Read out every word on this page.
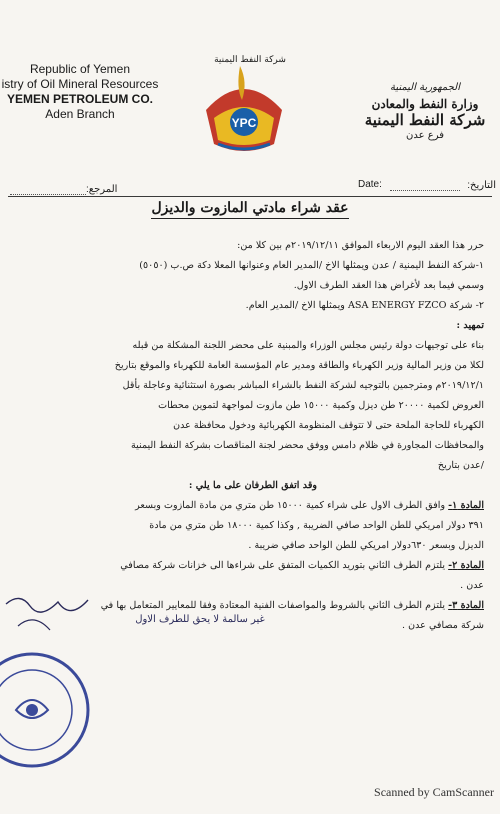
Republic of Yemen
istry of Oil Mineral Resources
YEMEN PETROLEUM CO.
Aden Branch
شركة النفط اليمنية
YPC
الجمهورية اليمنية
وزارة النفط والمعادن
شركة النفط اليمنية
فرع عدن
المرجع:	Date:	التاريخ:
عقد شراء مادتي المازوت والديزل

حرر هذا العقد اليوم الاربعاء الموافق ٢٠١٩/١٢/١١م بين كلا من:

١-شركة النفط اليمنية / عدن ويمثلها الاخ /المدير العام وعنوانها المعلا دكة ص.ب (٥٠٥٠)

وسمي فيما بعد لأغراض هذا العقد الطرف الاول.

٢- شركة ASA ENERGY FZCO ويمثلها الاخ /المدير العام.

تمهيد :

بناء على توجيهات دولة رئيس مجلس الوزراء والمبنية على محضر اللجنة المشكلة من قبله

لكلا من وزير المالية وزير الكهرباء والطاقة ومدير عام المؤسسة العامة للكهرباء والموقع بتاريخ

٢٠١٩/١٢/١م ومترجمين بالتوجيه لشركة النفط بالشراء المباشر بصورة استثنائية وعاجلة بأقل

العروض لكمية ٢٠٠٠٠ طن ديزل وكمية ١٥٠٠٠ طن مازوت لمواجهة لتموين محطات

الكهرباء للحاجة الملحة حتى لا تتوقف المنظومة الكهربائية ودخول محافظة عدن

والمحافظات المجاورة في ظلام دامس ووفق محضر لجنة المناقصات بشركة النفط اليمنية

/عدن بتاريخ

وقد اتفق الطرفان على ما يلي :

المادة ١- وافق الطرف الاول على شراء كمية ١٥٠٠٠ طن متري من مادة المازوت وبسعر

٣٩١ دولار امريكي للطن الواحد صافي الضريبة , وكذا كمية ١٨٠٠٠ طن متري من مادة

الديزل وبسعر ٦٣٠دولار امريكي للطن الواحد صافي ضريبة .

المادة ٢- يلتزم الطرف الثاني بتوريد الكميات المتفق على شراءها الى خزانات شركة مصافي

عدن .

المادة ٣- يلتزم الطرف الثاني بالشروط والمواصفات الفنية المعتادة وفقا للمعايير المتعامل بها في

شركة مصافي عدن .

غير سالمة لا يحق للطرف الاول
Scanned by CamScanner
